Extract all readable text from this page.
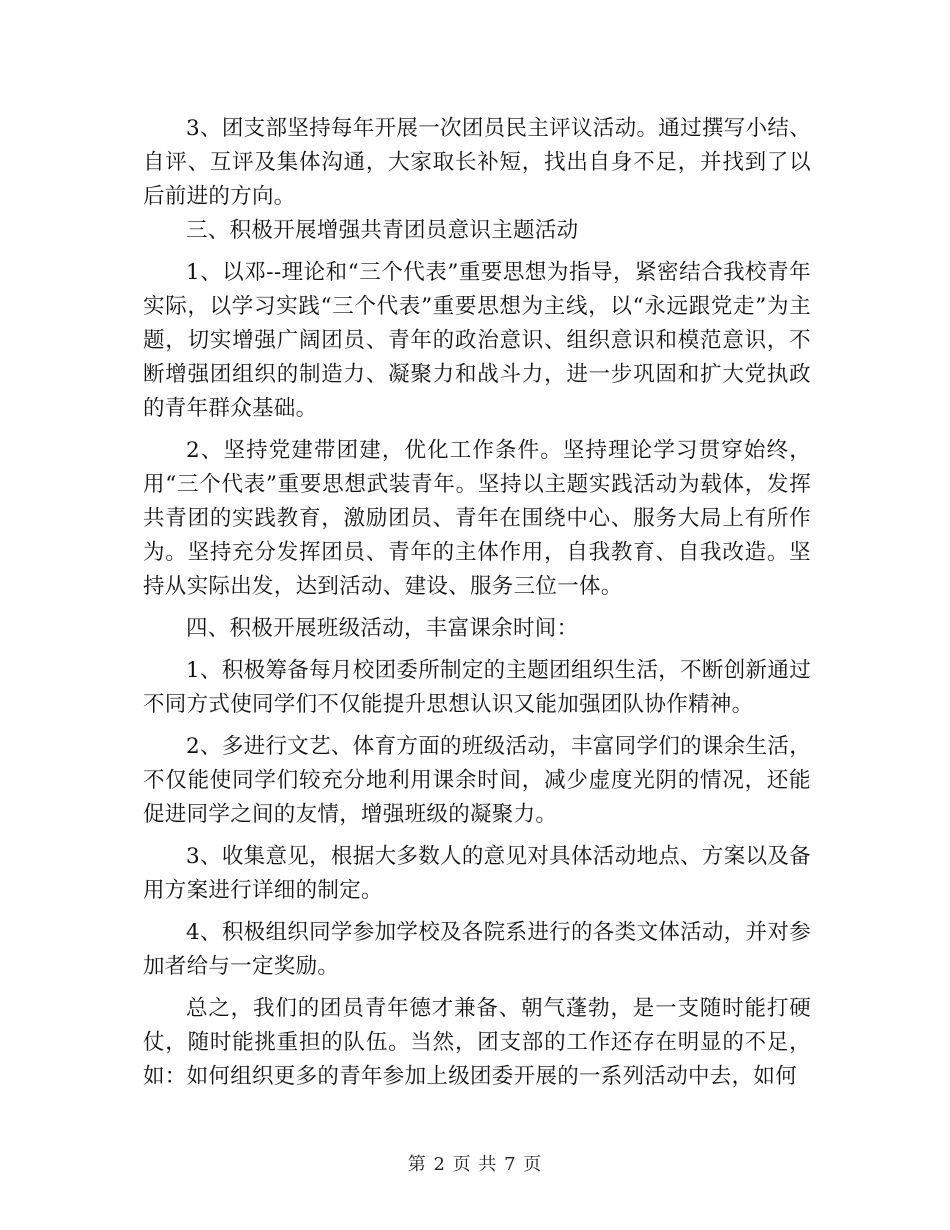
3、团支部坚持每年开展一次团员民主评议活动。通过撰写小结、自评、互评及集体沟通，大家取长补短，找出自身不足，并找到了以后前进的方向。

三、积极开展增强共青团员意识主题活动

1、以邓--理论和“三个代表”重要思想为指导，紧密结合我校青年实际，以学习实践“三个代表”重要思想为主线，以“永远跟党走”为主题，切实增强广阔团员、青年的政治意识、组织意识和模范意识，不断增强团组织的制造力、凝聚力和战斗力，进一步巩固和扩大党执政的青年群众基础。

2、坚持党建带团建，优化工作条件。坚持理论学习贯穿始终，用“三个代表”重要思想武装青年。坚持以主题实践活动为载体，发挥共青团的实践教育，激励团员、青年在围绕中心、服务大局上有所作为。坚持充分发挥团员、青年的主体作用，自我教育、自我改造。坚持从实际出发，达到活动、建设、服务三位一体。

四、积极开展班级活动，丰富课余时间：

1、积极筹备每月校团委所制定的主题团组织生活，不断创新通过不同方式使同学们不仅能提升思想认识又能加强团队协作精神。

2、多进行文艺、体育方面的班级活动，丰富同学们的课余生活，不仅能使同学们较充分地利用课余时间，减少虚度光阴的情况，还能促进同学之间的友情，增强班级的凝聚力。

3、收集意见，根据大多数人的意见对具体活动地点、方案以及备用方案进行详细的制定。

4、积极组织同学参加学校及各院系进行的各类文体活动，并对参加者给与一定奖励。

总之，我们的团员青年德才兼备、朝气蓬勃，是一支随时能打硬仗，随时能挑重担的队伍。当然，团支部的工作还存在明显的不足，如：如何组织更多的青年参加上级团委开展的一系列活动中去，如何

第 2 页 共 7 页
